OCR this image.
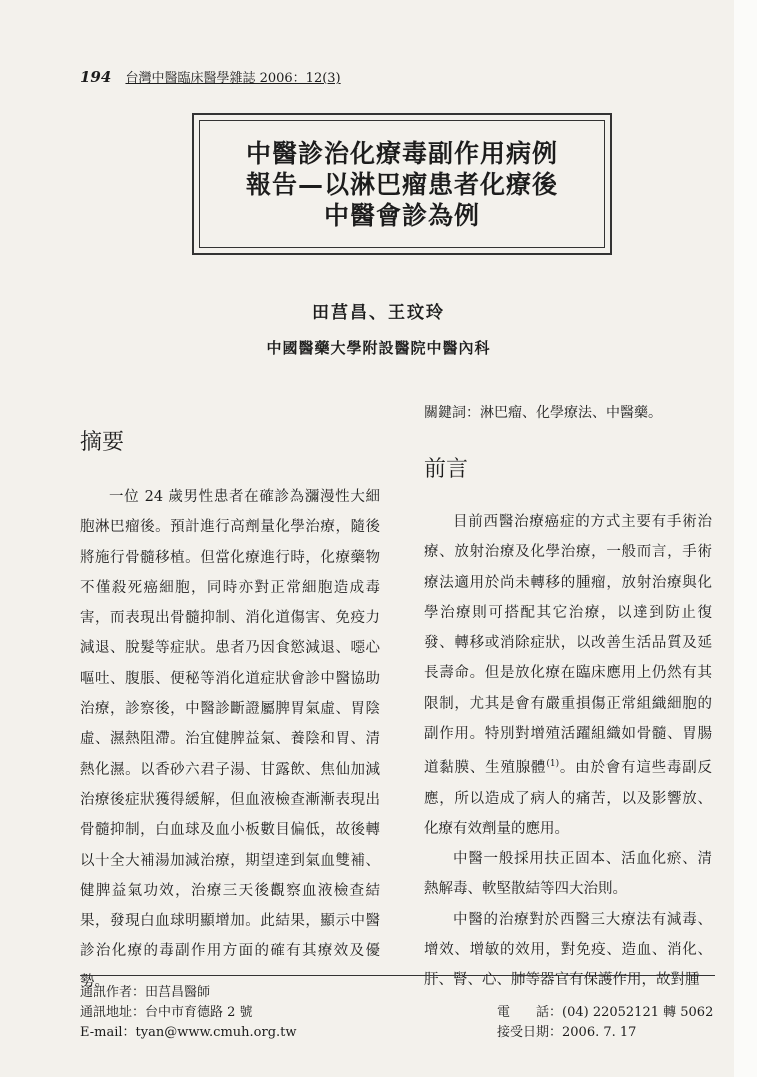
194 台灣中醫臨床醫學雜誌 2006：12(3)
中醫診治化療毒副作用病例
報告—以淋巴瘤患者化療後
中醫會診為例
田莒昌、王玟玲
中國醫藥大學附設醫院中醫內科
關鍵詞：淋巴瘤、化學療法、中醫藥。
摘要
一位 24 歲男性患者在確診為瀰漫性大細胞淋巴瘤後。預計進行高劑量化學治療，隨後將施行骨髓移植。但當化療進行時，化療藥物不僅殺死癌細胞，同時亦對正常細胞造成毒害，而表現出骨髓抑制、消化道傷害、免疫力減退、脫髮等症狀。患者乃因食慾減退、噁心嘔吐、腹脹、便秘等消化道症狀會診中醫協助治療，診察後，中醫診斷證屬脾胃氣虛、胃陰虛、濕熱阻滯。治宜健脾益氣、養陰和胃、清熱化濕。以香砂六君子湯、甘露飲、焦仙加減治療後症狀獲得緩解，但血液檢查漸漸表現出骨髓抑制，白血球及血小板數目偏低，故後轉以十全大補湯加減治療，期望達到氣血雙補、健脾益氣功效，治療三天後觀察血液檢查結果，發現白血球明顯增加。此結果，顯示中醫診治化療的毒副作用方面的確有其療效及優勢。
前言

目前西醫治療癌症的方式主要有手術治療、放射治療及化學治療，一般而言，手術療法適用於尚未轉移的腫瘤，放射治療與化學治療則可搭配其它治療，以達到防止復發、轉移或消除症狀，以改善生活品質及延長壽命。但是放化療在臨床應用上仍然有其限制，尤其是會有嚴重損傷正常組織細胞的副作用。特別對增殖活躍組織如骨髓、胃腸道黏膜、生殖腺體$^{(1)}$。由於會有這些毒副反應，所以造成了病人的痛苦，以及影響放、化療有效劑量的應用。

中醫一般採用扶正固本、活血化瘀、清熱解毒、軟堅散結等四大治則。

中醫的治療對於西醫三大療法有減毒、增效、增敏的效用，對免疫、造血、消化、肝、腎、心、肺等器官有保護作用，故對腫

通訊作者：田莒昌醫師
通訊地址：台中市育德路 2 號
E-mail：tyan@www.cmuh.org.tw
電　　話：(04) 22052121 轉 5062
接受日期：2006. 7. 17
